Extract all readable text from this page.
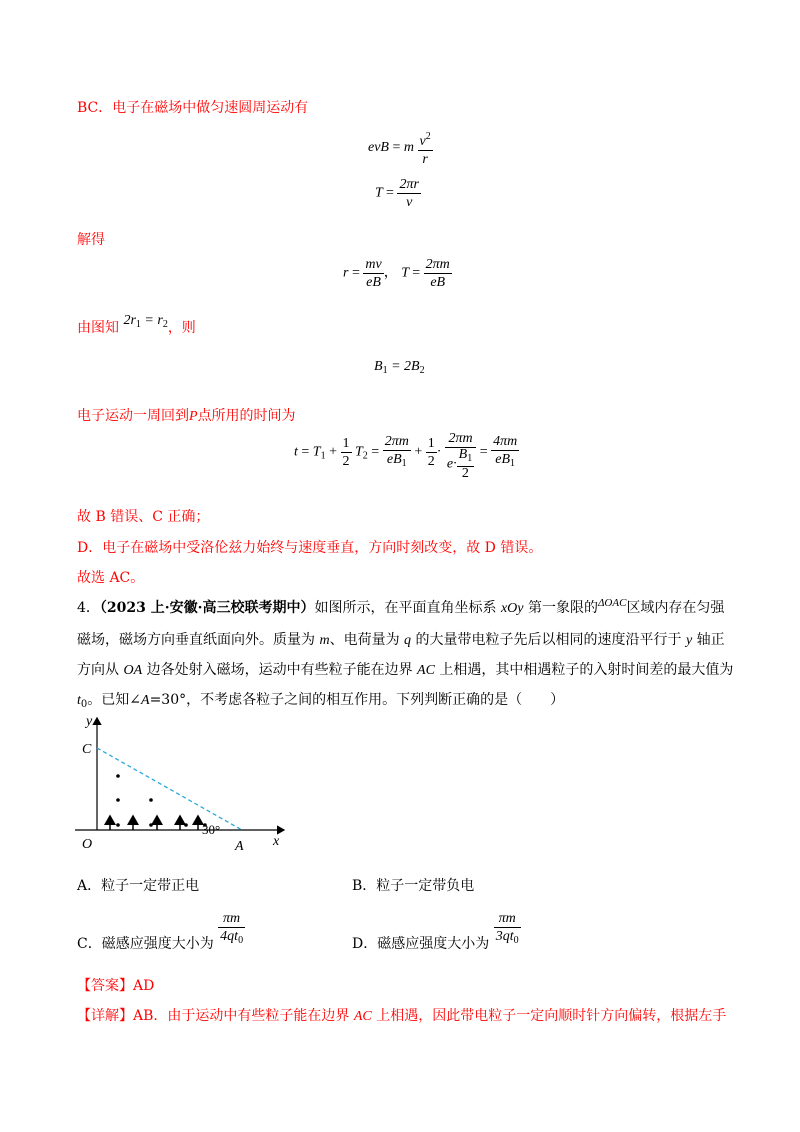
BC．电子在磁场中做匀速圆周运动有
evB = m $\frac{v^2}{r}$
$T = \frac{2\pi r}{v}$
解得
$r = \frac{mv}{eB}$ ， $T = \frac{2\pi m}{eB}$
由图知 $2r_1 = r_2$，则
$B_1 = 2B_2$
电子运动一周回到P点所用的时间为
$t = T_1 + \frac{1}{2} T_2 = \frac{2\pi m}{eB_1} + \frac{1}{2} \cdot \frac{2\pi m}{e\cdot \frac{B_1}{2}} = \frac{4\pi m}{eB_1}$
故 B 错误、C 正确；
D．电子在磁场中受洛伦兹力始终与速度垂直，方向时刻改变，故 D 错误。
故选 AC。
4．（2023 上·安徽·高三校联考期中）如图所示，在平面直角坐标系 xOy 第一象限的$^{\Delta OAC}$区域内存在匀强
磁场，磁场方向垂直纸面向外。质量为 m、电荷量为 q 的大量带电粒子先后以相同的速度沿平行于 y 轴正
方向从 OA 边各处射入磁场，运动中有些粒子能在边界 AC 上相遇，其中相遇粒子的入射时间差的最大值为
$t_0$。已知∠A=30°，不考虑各粒子之间的相互作用。下列判断正确的是（　　）
y
C
O	A x
30°
A．粒子一定带正电	B．粒子一定带负电
C．磁感应强度大小为 $\frac{\pi m}{4qt_0}$	D．磁感应强度大小为 $\frac{\pi m}{3qt_0}$
【答案】AD
【详解】AB．由于运动中有些粒子能在边界 AC 上相遇，因此带电粒子一定向顺时针方向偏转，根据左手
